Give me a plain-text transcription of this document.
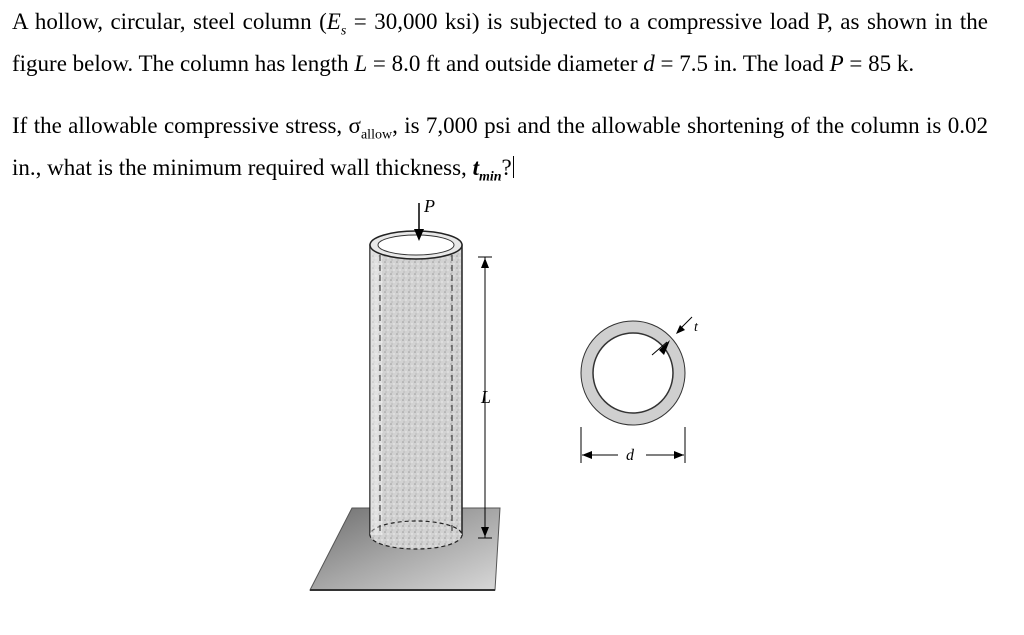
A hollow, circular, steel column ($E_s = 30,000$ ksi) is subjected to a compressive load P, as shown in the figure below. The column has length L = 8.0 ft and outside diameter d = 7.5 in. The load P = 85 k.
If the allowable compressive stress, $\sigma_{allow}$, is 7,000 psi and the allowable shortening of the column is 0.02 in., what is the minimum required wall thickness, $t_{min}$?
P
L
t
d
